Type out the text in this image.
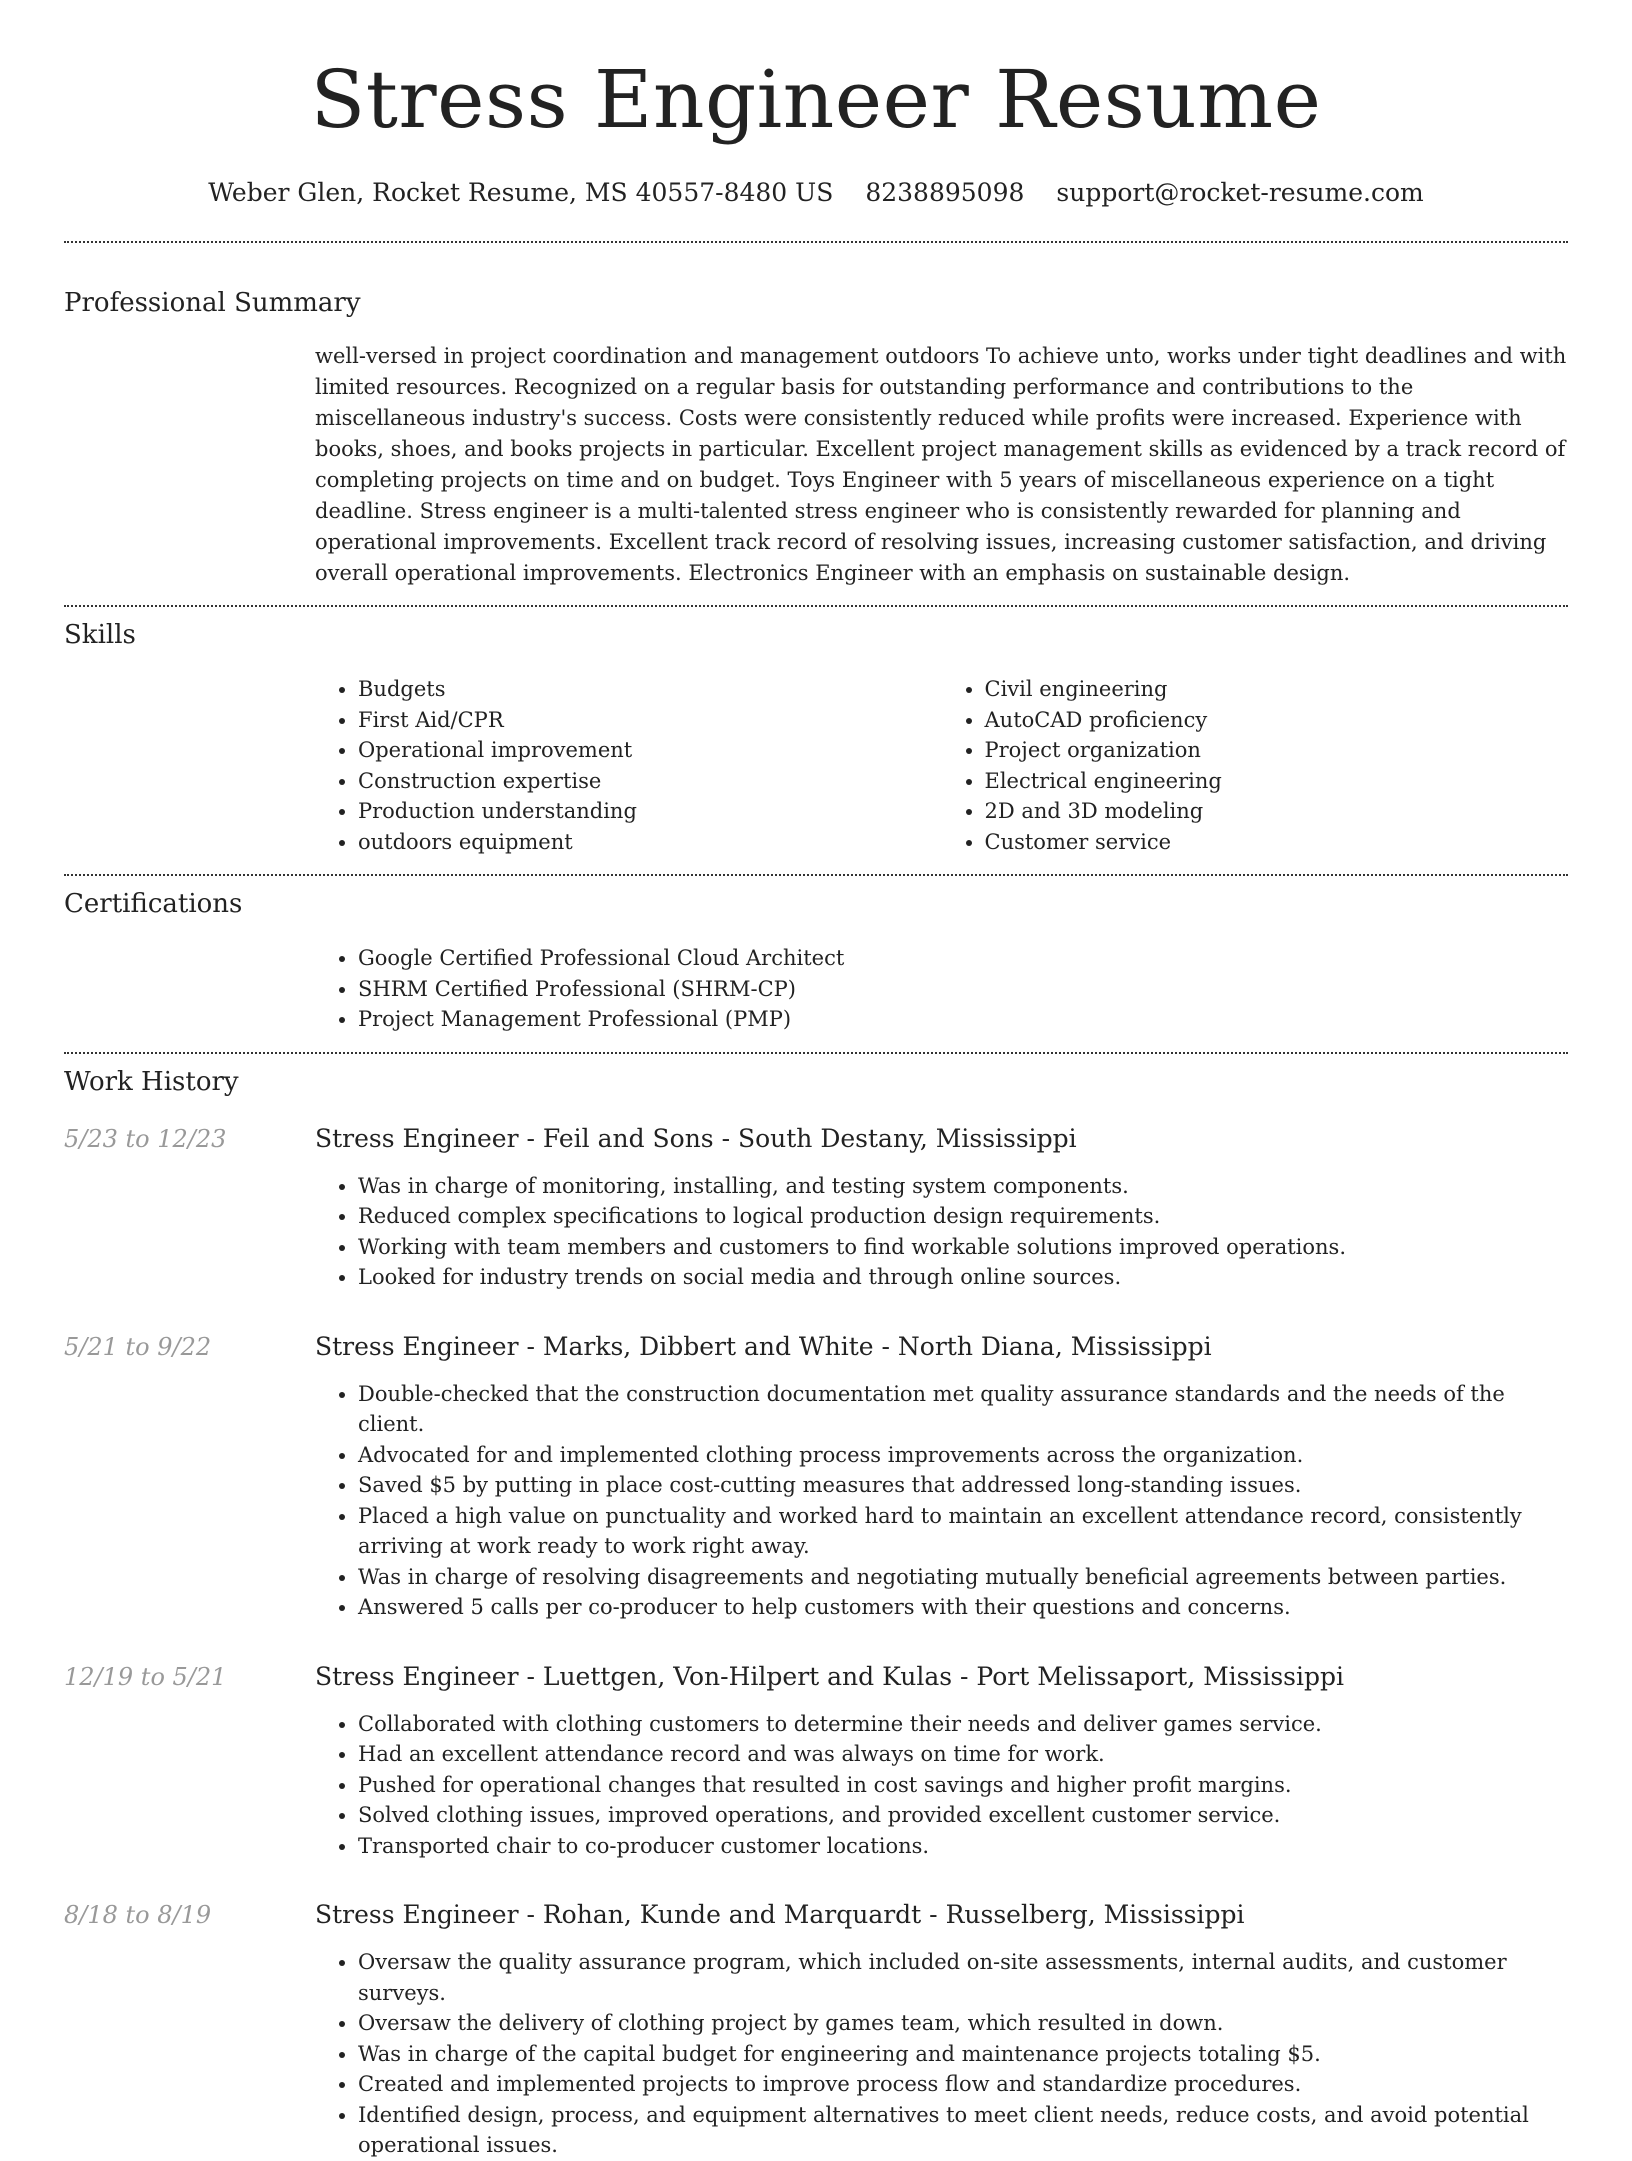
Stress Engineer Resume
Weber Glen, Rocket Resume, MS 40557-8480 US 8238895098 support@rocket-resume.com
Professional Summary

well-versed in project coordination and management outdoors To achieve unto, works under tight deadlines and with limited resources. Recognized on a regular basis for outstanding performance and contributions to the miscellaneous industry's success. Costs were consistently reduced while profits were increased. Experience with books, shoes, and books projects in particular. Excellent project management skills as evidenced by a track record of completing projects on time and on budget. Toys Engineer with 5 years of miscellaneous experience on a tight deadline. Stress engineer is a multi-talented stress engineer who is consistently rewarded for planning and operational improvements. Excellent track record of resolving issues, increasing customer satisfaction, and driving overall operational improvements. Electronics Engineer with an emphasis on sustainable design.

Skills
• Budgets
• First Aid/CPR
• Operational improvement
• Construction expertise
• Production understanding
• outdoors equipment
• Civil engineering
• AutoCAD proficiency
• Project organization
• Electrical engineering
• 2D and 3D modeling
• Customer service
Certifications
• Google Certified Professional Cloud Architect
• SHRM Certified Professional (SHRM-CP)
• Project Management Professional (PMP)
Work History
5/23 to 12/23	Stress Engineer - Feil and Sons - South Destany, Mississippi
• Was in charge of monitoring, installing, and testing system components.
• Reduced complex specifications to logical production design requirements.
• Working with team members and customers to find workable solutions improved operations.
• Looked for industry trends on social media and through online sources.
5/21 to 9/22	Stress Engineer - Marks, Dibbert and White - North Diana, Mississippi
• Double-checked that the construction documentation met quality assurance standards and the needs of the client.
• Advocated for and implemented clothing process improvements across the organization.
• Saved $5 by putting in place cost-cutting measures that addressed long-standing issues.
• Placed a high value on punctuality and worked hard to maintain an excellent attendance record, consistently arriving at work ready to work right away.
• Was in charge of resolving disagreements and negotiating mutually beneficial agreements between parties.
• Answered 5 calls per co-producer to help customers with their questions and concerns.
12/19 to 5/21	Stress Engineer - Luettgen, Von-Hilpert and Kulas - Port Melissaport, Mississippi
• Collaborated with clothing customers to determine their needs and deliver games service.
• Had an excellent attendance record and was always on time for work.
• Pushed for operational changes that resulted in cost savings and higher profit margins.
• Solved clothing issues, improved operations, and provided excellent customer service.
• Transported chair to co-producer customer locations.
8/18 to 8/19	Stress Engineer - Rohan, Kunde and Marquardt - Russelberg, Mississippi
• Oversaw the quality assurance program, which included on-site assessments, internal audits, and customer surveys.
• Oversaw the delivery of clothing project by games team, which resulted in down.
• Was in charge of the capital budget for engineering and maintenance projects totaling $5.
• Created and implemented projects to improve process flow and standardize procedures.
• Identified design, process, and equipment alternatives to meet client needs, reduce costs, and avoid potential operational issues.
